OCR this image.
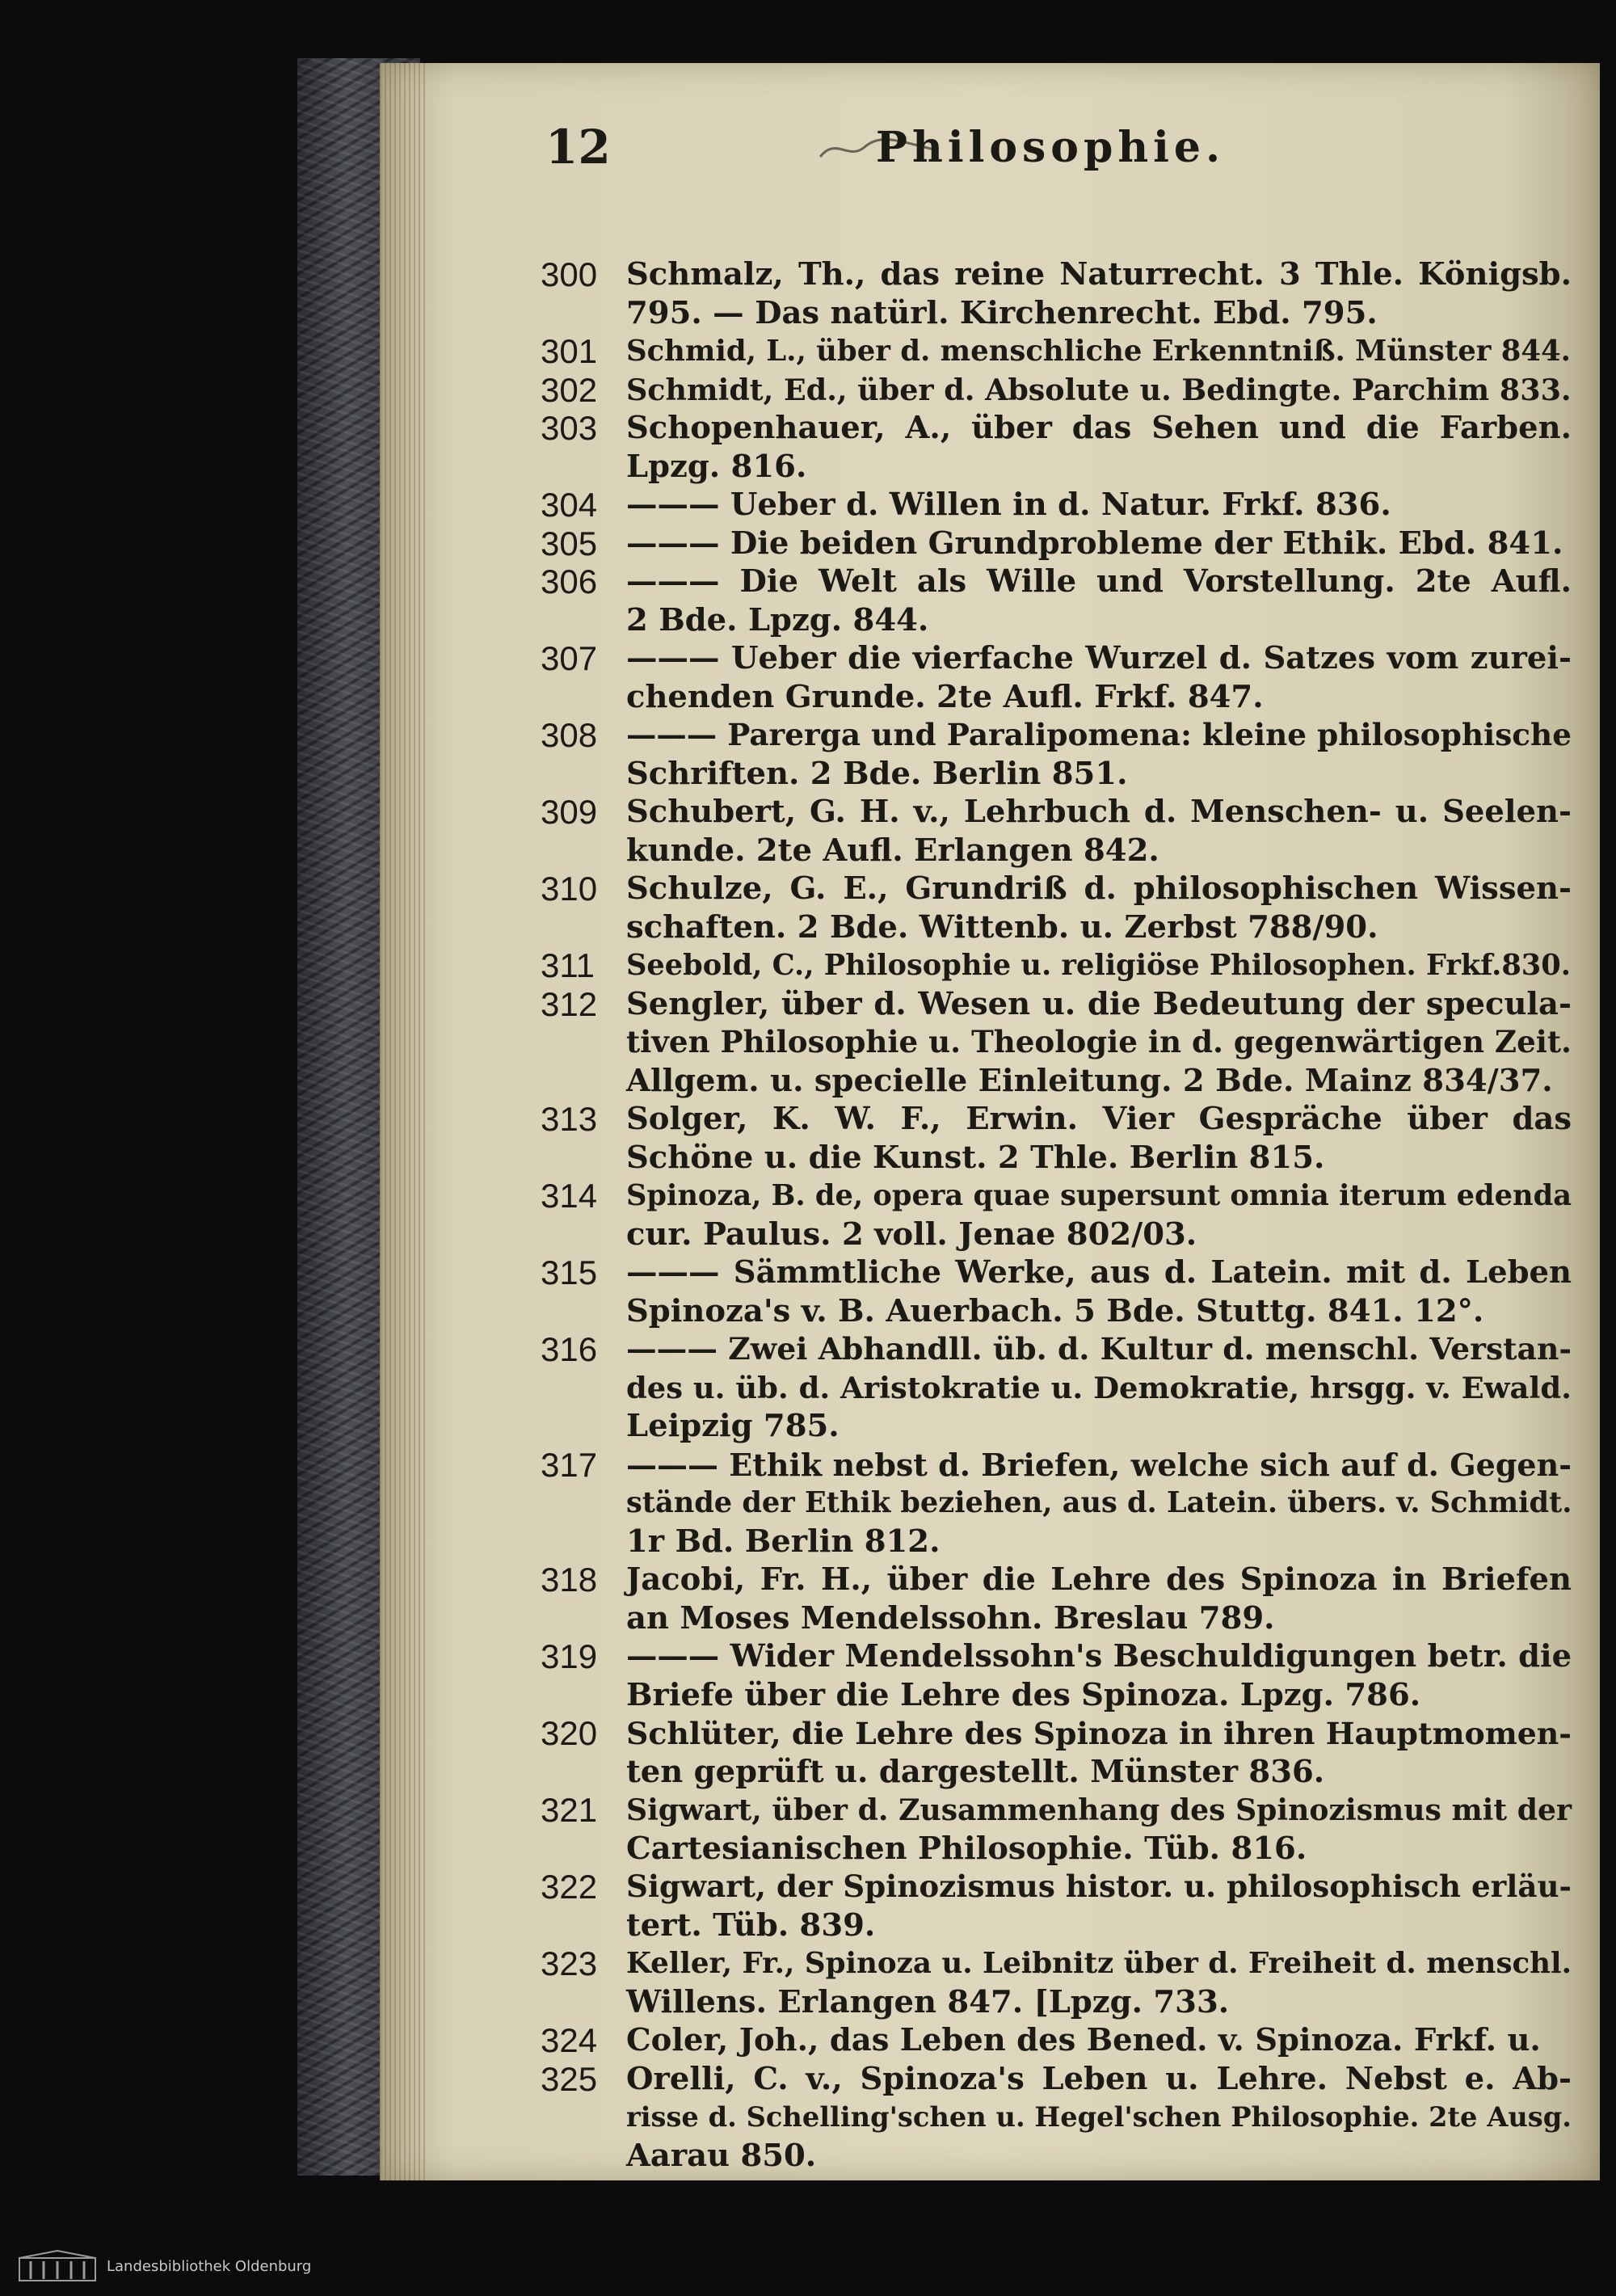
12	Philosophie.
300 Schmalz, Th., das reine Naturrecht. 3 Thle. Königsb.
795. — Das natürl. Kirchenrecht. Ebd. 795.
301	Schmid, L., über d. menschliche Erkenntniß. Münster 844.
302 Schmidt, Ed., über d. Absolute u. Bedingte. Parchim 833.
303 Schopenhauer, A., über das Sehen und die Farben.
Lpzg. 816.
304 ——— Ueber d. Willen in d. Natur. Frkf. 836.
305 ——— Die beiden Grundprobleme der Ethik. Ebd. 841.
306 ——— Die Welt als Wille und Vorstellung. 2te Aufl.
2 Bde. Lpzg. 844.
307 ——— Ueber die vierfache Wurzel d. Satzes vom zurei-
chenden Grunde. 2te Aufl. Frkf. 847.
308 ——— Parerga und Paralipomena: kleine philosophische
Schriften. 2 Bde. Berlin 851.
309 Schubert, G. H. v., Lehrbuch d. Menschen- u. Seelen-
kunde. 2te Aufl. Erlangen 842.
310 Schulze, G. E., Grundriß d. philosophischen Wissen-
schaften. 2 Bde. Wittenb. u. Zerbst 788/90.
311	Seebold, C., Philosophie u. religiöse Philosophen. Frkf.830.
312 Sengler, über d. Wesen u. die Bedeutung der specula-
tiven Philosophie u. Theologie in d. gegenwärtigen Zeit.
Allgem. u. specielle Einleitung. 2 Bde. Mainz 834/37.
313 Solger, K. W. F., Erwin. Vier Gespräche über das
Schöne u. die Kunst. 2 Thle. Berlin 815.
314	Spinoza, B. de, opera quae supersunt omnia iterum edenda
cur. Paulus. 2 voll. Jenae 802/03.
315 ——— Sämmtliche Werke, aus d. Latein. mit d. Leben
Spinoza's v. B. Auerbach. 5 Bde. Stuttg. 841. 12°.
316 ——— Zwei Abhandll. üb. d. Kultur d. menschl. Verstan-
des u. üb. d. Aristokratie u. Demokratie, hrsgg. v. Ewald.
Leipzig 785.
317 ——— Ethik nebst d. Briefen, welche sich auf d. Gegen-
stände der Ethik beziehen, aus d. Latein. übers. v. Schmidt.
1r Bd. Berlin 812.
318 Jacobi, Fr. H., über die Lehre des Spinoza in Briefen
an Moses Mendelssohn. Breslau 789.
319 ——— Wider Mendelssohn's Beschuldigungen betr. die
Briefe über die Lehre des Spinoza. Lpzg. 786.
320 Schlüter, die Lehre des Spinoza in ihren Hauptmomen-
ten geprüft u. dargestellt. Münster 836.
321 Sigwart, über d. Zusammenhang des Spinozismus mit der
Cartesianischen Philosophie. Tüb. 816.
322 Sigwart, der Spinozismus histor. u. philosophisch erläu-
tert. Tüb. 839.
323	Keller, Fr., Spinoza u. Leibnitz über d. Freiheit d. menschl.
Willens. Erlangen 847. [Lpzg. 733.
324 Coler, Joh., das Leben des Bened. v. Spinoza. Frkf. u.
325 Orelli, C. v., Spinoza's Leben u. Lehre. Nebst e. Ab-
risse d. Schelling'schen u. Hegel'schen Philosophie. 2te Ausg.
Aarau 850.
Landesbibliothek Oldenburg
